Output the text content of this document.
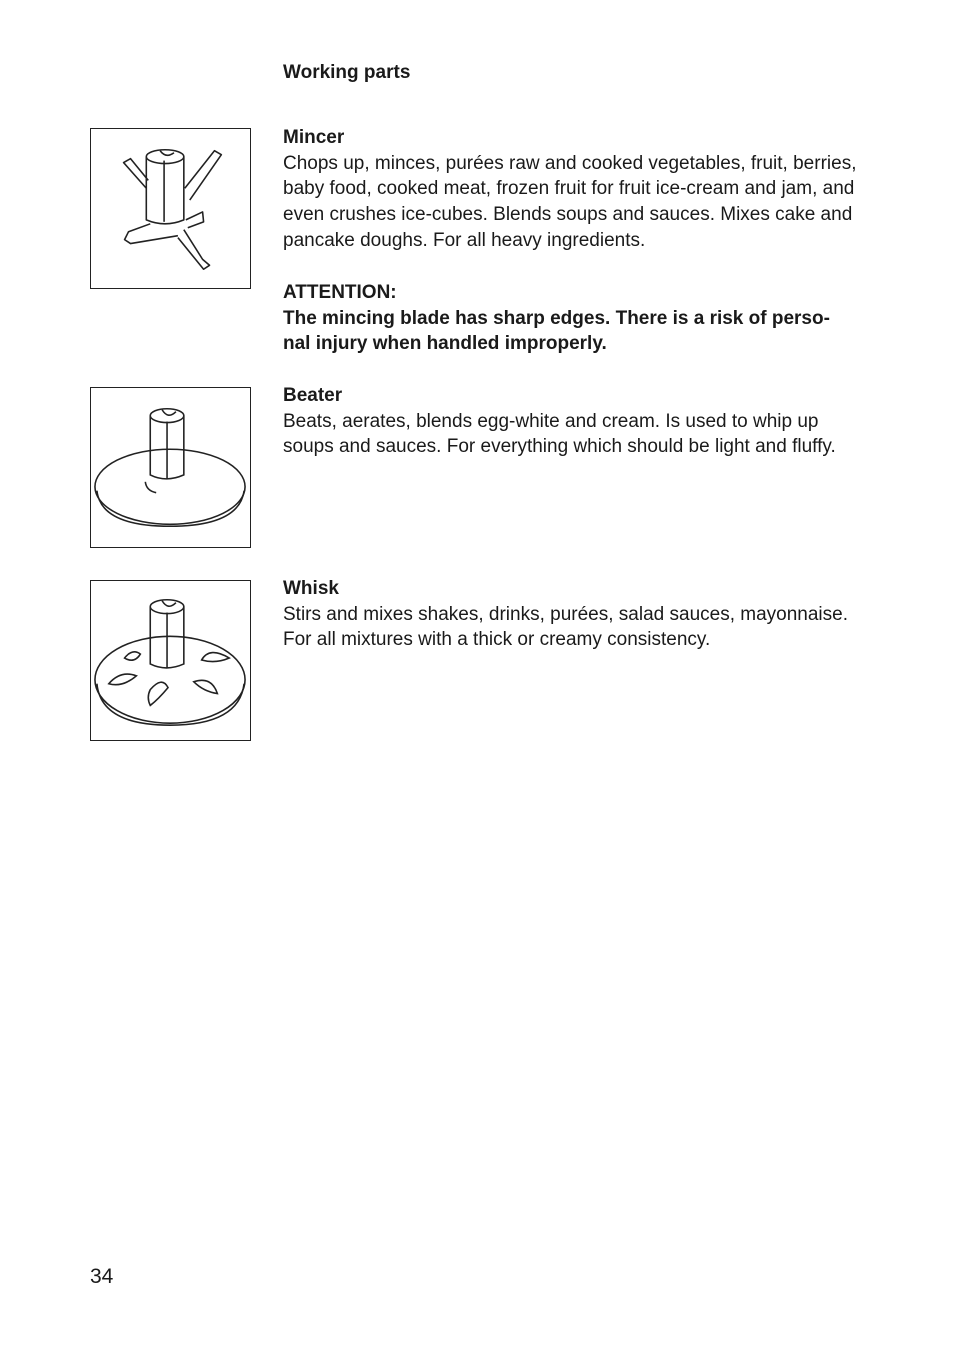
Working parts
Mincer

Chops up, minces, purées raw and cooked vegetables, fruit, berries, baby food, cooked meat, frozen fruit for fruit ice-cream and jam, and even crushes ice-cubes. Blends soups and sauces. Mixes cake and pancake doughs. For all heavy ingredients.

ATTENTION:

The mincing blade has sharp edges. There is a risk of perso-

nal injury when handled improperly.

Beater

Beats, aerates, blends egg-white and cream. Is used to whip up soups and sauces. For everything which should be light and fluffy.

Whisk

Stirs and mixes shakes, drinks, purées, salad sauces, mayonnaise. For all mixtures with a thick or creamy consistency.

34
